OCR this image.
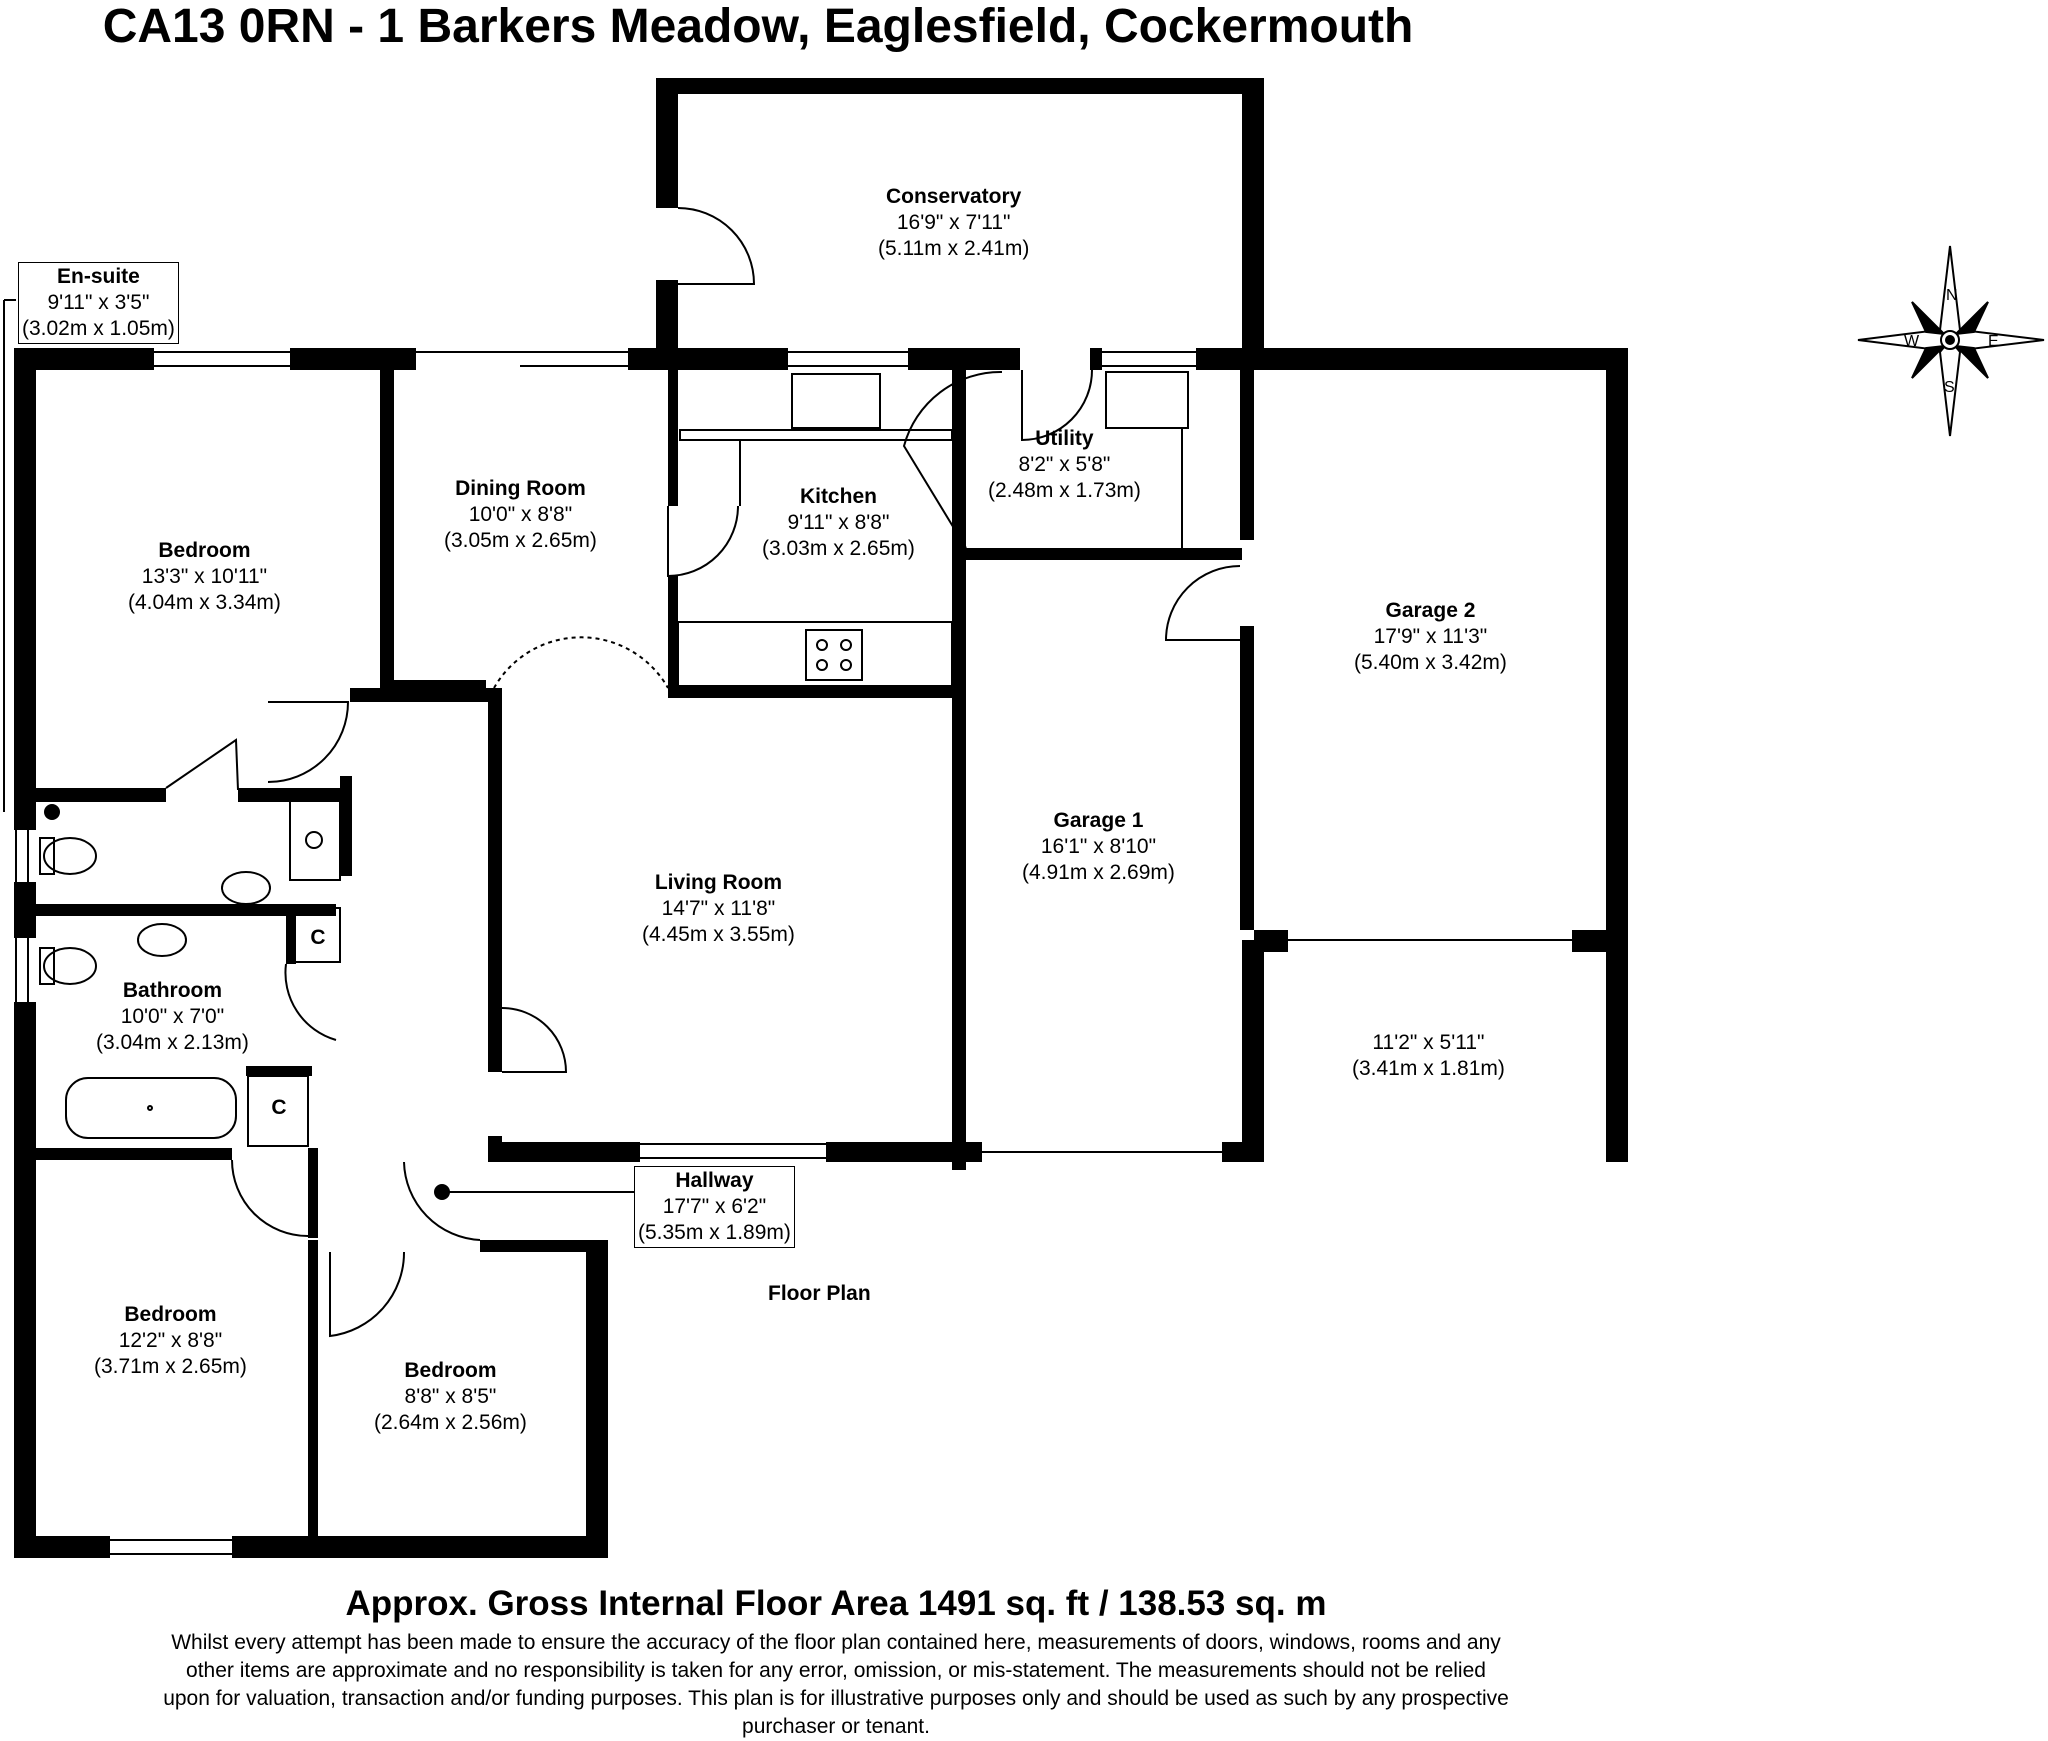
CA13 0RN - 1 Barkers Meadow, Eaglesfield, Cockermouth
N
E
S
W
Conservatory
16'9" x 7'11"
(5.11m x 2.41m)
En-suite
9'11" x 3'5"
(3.02m x 1.05m)
Bedroom
13'3" x 10'11"
(4.04m x 3.34m)
Dining Room
10'0" x 8'8"
(3.05m x 2.65m)
Kitchen
9'11" x 8'8"
(3.03m x 2.65m)
Utility
8'2" x 5'8"
(2.48m x 1.73m)
Garage 2
17'9" x 11'3"
(5.40m x 3.42m)
Garage 1
16'1" x 8'10"
(4.91m x 2.69m)
Living Room
14'7" x 11'8"
(4.45m x 3.55m)
Bathroom
10'0" x 7'0"
(3.04m x 2.13m)	11'2" x 5'11"
(3.41m x 1.81m)
Hallway
17'7" x 6'2"
(5.35m x 1.89m)
Bedroom
12'2" x 8'8"
(3.71m x 2.65m)	Bedroom
8'8" x 8'5"
(2.64m x 2.56m)
C
C
Floor Plan
Approx. Gross Internal Floor Area 1491 sq. ft / 138.53 sq. m
Whilst every attempt has been made to ensure the accuracy of the floor plan contained here, measurements of doors, windows, rooms and any other items are approximate and no responsibility is taken for any error, omission, or mis-statement. The measurements should not be relied upon for valuation, transaction and/or funding purposes. This plan is for illustrative purposes only and should be used as such by any prospective purchaser or tenant.
